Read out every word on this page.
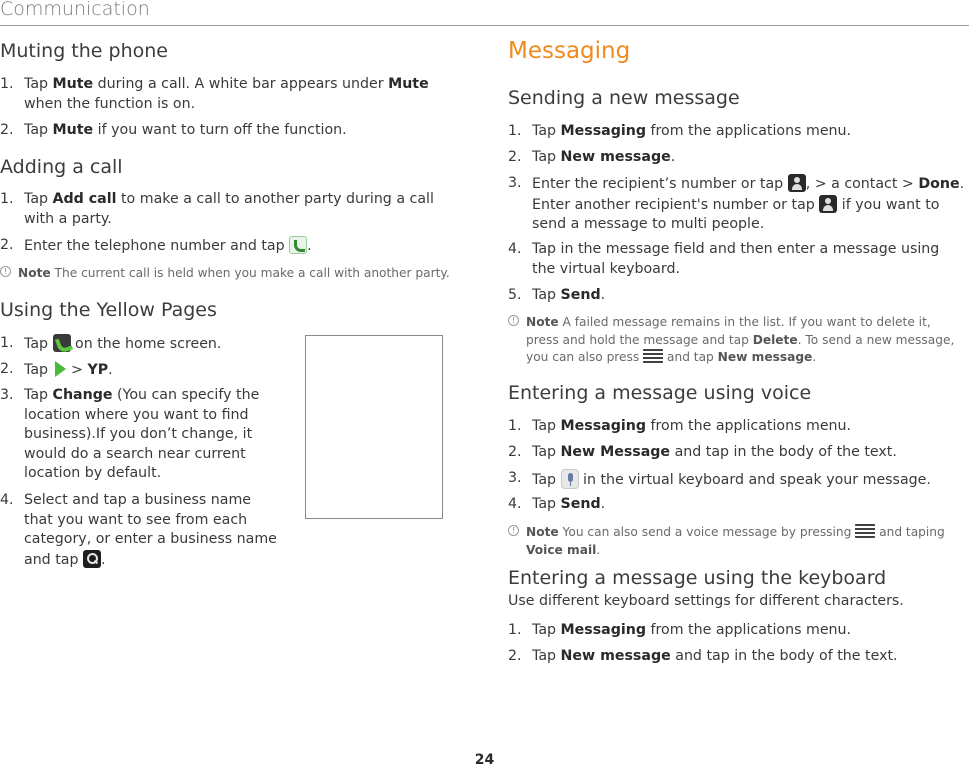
Communication
Muting the phone
1. Tap Mute during a call. A white bar appears under Mute
when the function is on.
2. Tap Mute if you want to turn off the function.
Adding a call
1. Tap Add call to make a call to another party during a call
with a party.
2. Enter the telephone number and tap .
! Note The current call is held when you make a call with another party.
Using the Yellow Pages
1. Tap  on the home screen.
2. Tap  > YP.
3. Tap Change (You can specify the
location where you want to find
business).If you don’t change, it
would do a search near current
location by default.
4. Select and tap a business name
that you want to see from each
category, or enter a business name
and tap .
Messaging
Sending a new message
1. Tap Messaging from the applications menu.
2. Tap New message.
3. Enter the recipient’s number or tap , > a contact > Done.
Enter another recipient's number or tap  if you want to
send a message to multi people.
4. Tap in the message field and then enter a message using
the virtual keyboard.
5. Tap Send.
! Note A failed message remains in the list. If you want to delete it,
press and hold the message and tap Delete. To send a new message,
you can also press  and tap New message.
Entering a message using voice
1. Tap Messaging from the applications menu.
2. Tap New Message and tap in the body of the text.
3. Tap  in the virtual keyboard and speak your message.
4. Tap Send.
! Note You can also send a voice message by pressing  and taping
Voice mail.
Entering a message using the keyboard
Use different keyboard settings for different characters.
1. Tap Messaging from the applications menu.
2. Tap New message and tap in the body of the text.
24
